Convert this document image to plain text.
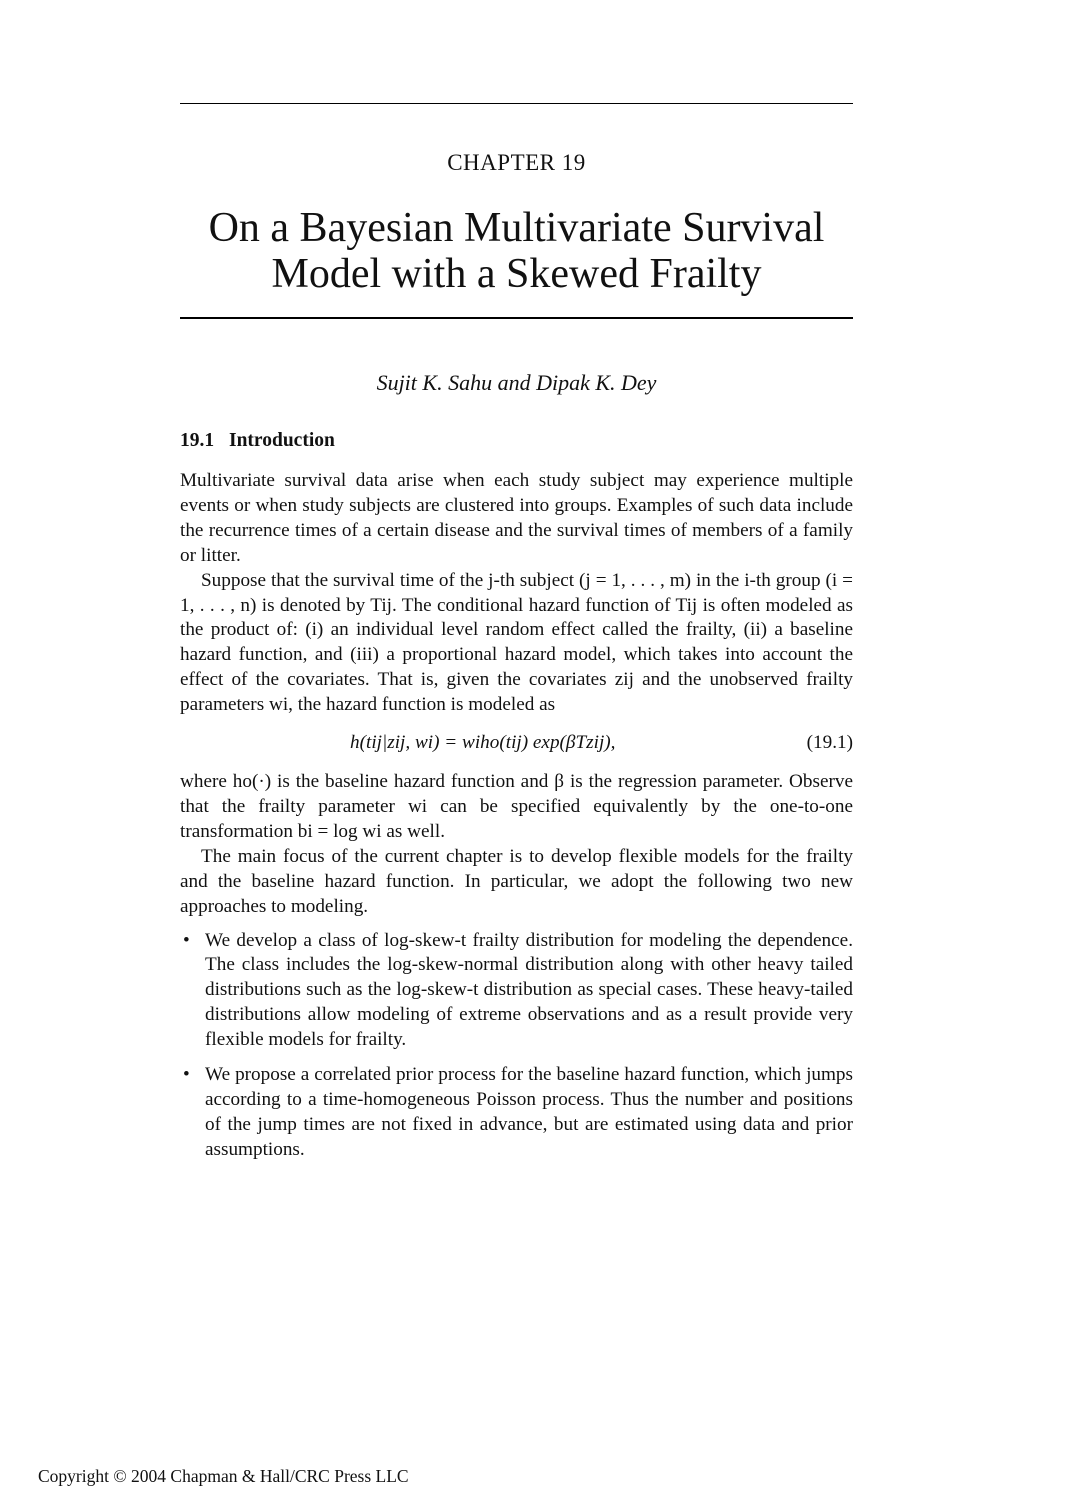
CHAPTER 19
On a Bayesian Multivariate Survival
Model with a Skewed Frailty
Sujit K. Sahu and Dipak K. Dey
19.1 Introduction

Multivariate survival data arise when each study subject may experience multiple events or when study subjects are clustered into groups. Examples of such data include the recurrence times of a certain disease and the survival times of members of a family or litter.

Suppose that the survival time of the j-th subject (j = 1, . . . , m) in the i-th group (i = 1, . . . , n) is denoted by Tij. The conditional hazard function of Tij is often modeled as the product of: (i) an individual level random effect called the frailty, (ii) a baseline hazard function, and (iii) a proportional hazard model, which takes into account the effect of the covariates. That is, given the covariates zij and the unobserved frailty parameters wi, the hazard function is modeled as

h(tij|zij, wi) = wiho(tij) exp(βTzij),	(19.1)

where ho(·) is the baseline hazard function and β is the regression parameter. Observe that the frailty parameter wi can be specified equivalently by the one-to-one transformation bi = log wi as well.

The main focus of the current chapter is to develop flexible models for the frailty and the baseline hazard function. In particular, we adopt the following two new approaches to modeling.

• We develop a class of log-skew-t frailty distribution for modeling the dependence. The class includes the log-skew-normal distribution along with other heavy tailed distributions such as the log-skew-t distribution as special cases. These heavy-tailed distributions allow modeling of extreme observations and as a result provide very flexible models for frailty.
• We propose a correlated prior process for the baseline hazard function, which jumps according to a time-homogeneous Poisson process. Thus the number and positions of the jump times are not fixed in advance, but are estimated using data and prior assumptions.
Copyright © 2004 Chapman & Hall/CRC Press LLC
